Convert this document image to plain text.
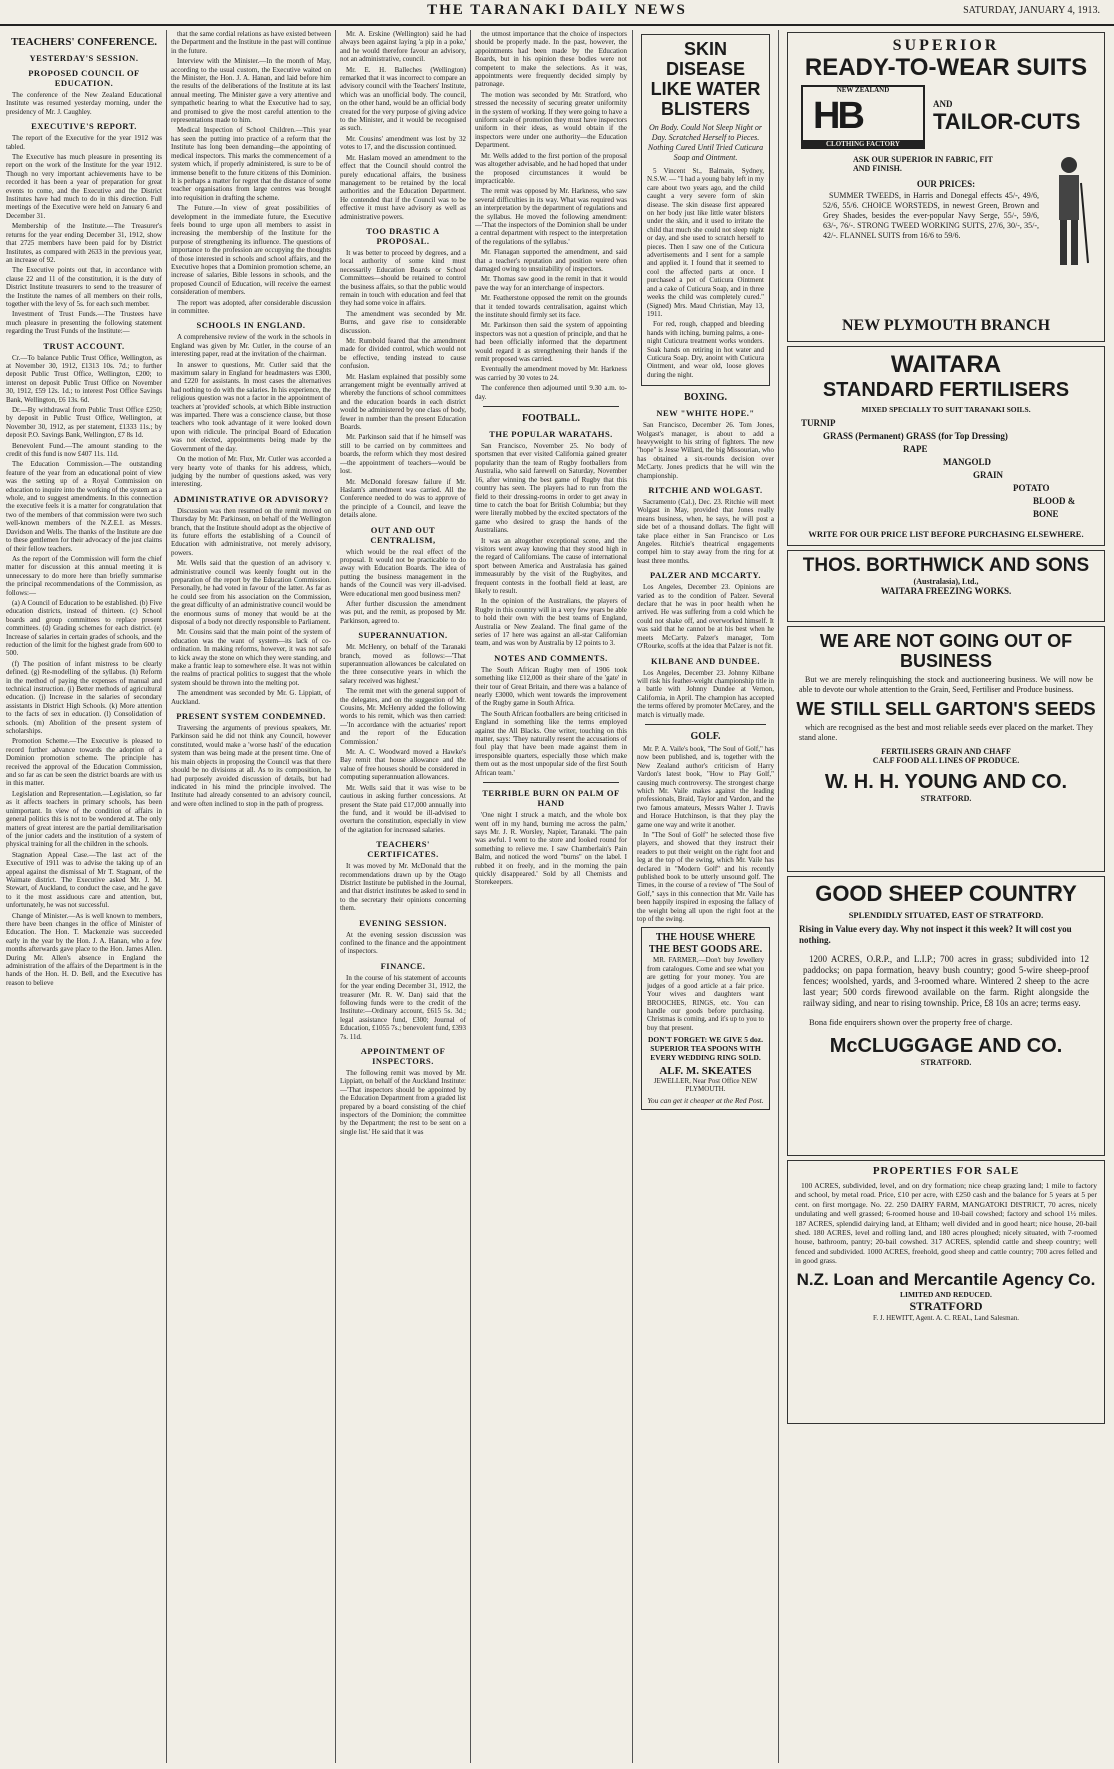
THE TARANAKI DAILY NEWS	SATURDAY, JANUARY 4, 1913.
TEACHERS' CONFERENCE.
YESTERDAY'S SESSION.
PROPOSED COUNCIL OF EDUCATION.

The conference of the New Zealand Educational Institute was resumed yesterday morning, under the presidency of Mr. J. Caughley.

EXECUTIVE'S REPORT.

The report of the Executive for the year 1912 was tabled.

The Executive has much pleasure in presenting its report on the work of the Institute for the year 1912. Though no very important achievements have to be recorded it has been a year of preparation for great events to come, and the Executive and the District Institutes have had much to do in this direction. Full meetings of the Executive were held on January 6 and December 31.

Membership of the Institute.—The Treasurer's returns for the year ending December 31, 1912, show that 2725 members have been paid for by District Institutes, as compared with 2633 in the previous year, an increase of 92.

The Executive points out that, in accordance with clause 22 and 11 of the constitution, it is the duty of District Institute treasurers to send to the treasurer of the Institute the names of all members on their rolls, together with the levy of 5s. for each such member.

Investment of Trust Funds.—The Trustees have much pleasure in presenting the following statement regarding the Trust Funds of the Institute:—

TRUST ACCOUNT.

Cr.—To balance Public Trust Office, Wellington, as at November 30, 1912, £1313 10s. 7d.; to further deposit Public Trust Office, Wellington, £200; to interest on deposit Public Trust Office on November 30, 1912, £59 12s. 1d.; to interest Post Office Savings Bank, Wellington, £6 13s. 6d.

Dr.—By withdrawal from Public Trust Office £250; by deposit in Public Trust Office, Wellington, at November 30, 1912, as per statement, £1333 11s.; by deposit P.O. Savings Bank, Wellington, £7 8s 1d.

Benevolent Fund.—The amount standing to the credit of this fund is now £407 11s. 11d.

The Education Commission.—The outstanding feature of the year from an educational point of view was the setting up of a Royal Commission on education to inquire into the working of the system as a whole, and to suggest amendments. In this connection the executive feels it is a matter for congratulation that two of the members of that commission were two such well-known members of the N.Z.E.I. as Messrs. Davidson and Wells. The thanks of the Institute are due to these gentlemen for their advocacy of the just claims of their fellow teachers.

As the report of the Commission will form the chief matter for discussion at this annual meeting it is unnecessary to do more here than briefly summarise the principal recommendations of the Commission, as follows:—

(a) A Council of Education to be established. (b) Five education districts, instead of thirteen. (c) School boards and group committees to replace present committees. (d) Grading schemes for each district. (e) Increase of salaries in certain grades of schools, and the reduction of the limit for the highest grade from 600 to 500.

(f) The position of infant mistress to be clearly defined. (g) Re-modelling of the syllabus. (h) Reform in the method of paying the expenses of manual and technical instruction. (i) Better methods of agricultural education. (j) Increase in the salaries of secondary assistants in District High Schools. (k) More attention to the facts of sex in education. (l) Consolidation of schools. (m) Abolition of the present system of scholarships.

Promotion Scheme.—The Executive is pleased to record further advance towards the adoption of a Dominion promotion scheme. The principle has received the approval of the Education Commission, and so far as can be seen the district boards are with us in this matter.

Legislation and Representation.—Legislation, so far as it affects teachers in primary schools, has been unimportant. In view of the condition of affairs in general politics this is not to be wondered at. The only matters of great interest are the partial demilitarisation of the junior cadets and the institution of a system of physical training for all the children in the schools.

Stagnation Appeal Case.—The last act of the Executive of 1911 was to advise the taking up of an appeal against the dismissal of Mr T. Stagnant, of the Waimate district. The Executive asked Mr. J. M. Stewart, of Auckland, to conduct the case, and he gave to it the most assiduous care and attention, but, unfortunately, he was not successful.

Change of Minister.—As is well known to members, there have been changes in the office of Minister of Education. The Hon. T. Mackenzie was succeeded early in the year by the Hon. J. A. Hanan, who a few months afterwards gave place to the Hon. James Allen. During Mr. Allen's absence in England the administration of the affairs of the Department is in the hands of the Hon. H. D. Bell, and the Executive has reason to believe

that the same cordial relations as have existed between the Department and the Institute in the past will continue in the future.

Interview with the Minister.—In the month of May, according to the usual custom, the Executive waited on the Minister, the Hon. J. A. Hanan, and laid before him the results of the deliberations of the Institute at its last annual meeting. The Minister gave a very attentive and sympathetic hearing to what the Executive had to say, and promised to give the most careful attention to the representations made to him.

Medical Inspection of School Children.—This year has seen the putting into practice of a reform that the Institute has long been demanding—the appointing of medical inspectors. This marks the commencement of a system which, if properly administered, is sure to be of immense benefit to the future citizens of this Dominion. It is perhaps a matter for regret that the distance of some teacher organisations from large centres was brought into requisition in drafting the scheme.

The Future.—In view of great possibilities of development in the immediate future, the Executive feels bound to urge upon all members to assist in increasing the membership of the Institute for the purpose of strengthening its influence. The questions of importance to the profession are occupying the thoughts of those interested in schools and school affairs, and the Executive hopes that a Dominion promotion scheme, an increase of salaries, Bible lessons in schools, and the proposed Council of Education, will receive the earnest consideration of members.

The report was adopted, after considerable discussion in committee.

SCHOOLS IN ENGLAND.

A comprehensive review of the work in the schools in England was given by Mr. Cutler, in the course of an interesting paper, read at the invitation of the chairman.

In answer to questions, Mr. Cutler said that the maximum salary in England for headmasters was £300, and £220 for assistants. In most cases the alternatives had nothing to do with the salaries. In his experience, the religious question was not a factor in the appointment of teachers at 'provided' schools, at which Bible instruction was imparted. There was a conscience clause, but those teachers who took advantage of it were looked down upon with ridicule. The principal Board of Education was not elected, appointments being made by the Government of the day.

On the motion of Mr. Flux, Mr. Cutler was accorded a very hearty vote of thanks for his address, which, judging by the number of questions asked, was very interesting.

ADMINISTRATIVE OR ADVISORY?

Discussion was then resumed on the remit moved on Thursday by Mr. Parkinson, on behalf of the Wellington branch, that the Institute should adopt as the objective of its future efforts the establishing of a Council of Education with administrative, not merely advisory, powers.

Mr. Wells said that the question of an advisory v. administrative council was keenly fought out in the preparation of the report by the Education Commission. Personally, he had voted in favour of the latter. As far as he could see from his association on the Commission, the great difficulty of an administrative council would be the enormous sums of money that would be at the disposal of a body not directly responsible to Parliament.

Mr. Cousins said that the main point of the system of education was the want of system—its lack of co-ordination. In making reforms, however, it was not safe to kick away the stone on which they were standing, and make a frantic leap to somewhere else. It was not within the realms of practical politics to suggest that the whole system should be thrown into the melting pot.

The amendment was seconded by Mr. G. Lippiatt, of Auckland.

PRESENT SYSTEM CONDEMNED.

Traversing the arguments of previous speakers, Mr. Parkinson said he did not think any Council, however constituted, would make a 'worse hash' of the education system than was being made at the present time. One of his main objects in proposing the Council was that there should be no divisions at all. As to its composition, he had purposely avoided discussion of details, but had indicated in his mind the principle involved. The Institute had already consented to an advisory council, and were often inclined to stop in the path of progress.

Mr. A. Erskine (Wellington) said he had always been against laying 'a pip in a poke,' and he would therefore favour an advisory, not an administrative, council.

Mr. E. H. Balleches (Wellington) remarked that it was incorrect to compare an advisory council with the Teachers' Institute, which was an unofficial body. The council, on the other hand, would be an official body created for the very purpose of giving advice to the Minister, and it would be recognised as such.

Mr. Cousins' amendment was lost by 32 votes to 17, and the discussion continued.

Mr. Haslam moved an amendment to the effect that the Council should control the purely educational affairs, the business management to be retained by the local authorities and the Education Department. He contended that if the Council was to be effective it must have advisory as well as administrative powers.

TOO DRASTIC A PROPOSAL.

It was better to proceed by degrees, and a local authority of some kind must necessarily Education Boards or School Committees—should be retained to control the business affairs, so that the public would remain in touch with education and feel that they had some voice in affairs.

The amendment was seconded by Mr. Burns, and gave rise to considerable discussion.

Mr. Rumbold feared that the amendment made for divided control, which would not be effective, tending instead to cause confusion.

Mr. Haslam explained that possibly some arrangement might be eventually arrived at whereby the functions of school committees and the education boards in each district would be administered by one class of body, fewer in number than the present Education Boards.

Mr. Parkinson said that if he himself was still to be carried on by committees and boards, the reform which they most desired—the appointment of teachers—would be lost.

Mr. McDonald foresaw failure if Mr. Haslam's amendment was carried. All the Conference needed to do was to approve of the principle of a Council, and leave the details alone.

OUT AND OUT CENTRALISM,

which would be the real effect of the proposal. It would not be practicable to do away with Education Boards. The idea of putting the business management in the hands of the Council was very ill-advised. Were educational men good business men?

After further discussion the amendment was put, and the remit, as proposed by Mr. Parkinson, agreed to.

SUPERANNUATION.

Mr. McHenry, on behalf of the Taranaki branch, moved as follows:—'That superannuation allowances be calculated on the three consecutive years in which the salary received was highest.'

The remit met with the general support of the delegates, and on the suggestion of Mr. Cousins, Mr. McHenry added the following words to his remit, which was then carried:—'In accordance with the actuaries' report and the report of the Education Commission.'

Mr. A. C. Woodward moved a Hawke's Bay remit that house allowance and the value of free houses should be considered in computing superannuation allowances.

Mr. Wells said that it was wise to be cautious in asking further concessions. At present the State paid £17,000 annually into the fund, and it would be ill-advised to overturn the constitution, especially in view of the agitation for increased salaries.

TEACHERS' CERTIFICATES.

It was moved by Mr. McDonald that the recommendations drawn up by the Otago District Institute be published in the Journal, and that district institutes be asked to send in to the secretary their opinions concerning them.

EVENING SESSION.

At the evening session discussion was confined to the finance and the appointment of inspectors.

FINANCE.

In the course of his statement of accounts for the year ending December 31, 1912, the treasurer (Mr. R. W. Dan) said that the following funds were to the credit of the Institute:—Ordinary account, £615 5s. 3d.; legal assistance fund, £300; Journal of Education, £1055 7s.; benevolent fund, £393 7s. 11d.

APPOINTMENT OF INSPECTORS.

The following remit was moved by Mr. Lippiatt, on behalf of the Auckland Institute:—'That inspectors should be appointed by the Education Department from a graded list prepared by a board consisting of the chief inspectors of the Dominion; the committee by the Department; the rest to be sent on a single list.' He said that it was

the utmost importance that the choice of inspectors should be properly made. In the past, however, the appointments had been made by the Education Boards, but in his opinion these bodies were not competent to make the selections. As it was, appointments were frequently decided simply by patronage.

The motion was seconded by Mr. Stratford, who stressed the necessity of securing greater uniformity in the system of working. If they were going to have a uniform scale of promotion they must have inspectors uniform in their ideas, as would obtain if the inspectors were under one authority—the Education Department.

Mr. Wells added to the first portion of the proposal was altogether advisable, and he had hoped that under the proposed circumstances it would be impracticable.

The remit was opposed by Mr. Harkness, who saw several difficulties in its way. What was required was an interpretation by the department of regulations and the syllabus. He moved the following amendment:—'That the inspectors of the Dominion shall be under a central department with respect to the interpretation of the regulations of the syllabus.'

Mr. Flanagan supported the amendment, and said that a teacher's reputation and position were often damaged owing to unsuitability of inspectors.

Mr. Thomas saw good in the remit in that it would pave the way for an interchange of inspectors.

Mr. Featherstone opposed the remit on the grounds that it tended towards centralisation, against which the institute should firmly set its face.

Mr. Parkinson then said the system of appointing inspectors was not a question of principle, and that he had been officially informed that the department would regard it as strengthening their hands if the remit proposed was carried.

Eventually the amendment moved by Mr. Harkness was carried by 30 votes to 24.

The conference then adjourned until 9.30 a.m. to-day.

FOOTBALL.
THE POPULAR WARATAHS.

San Francisco, November 25. No body of sportsmen that ever visited California gained greater popularity than the team of Rugby footballers from Australia, who said farewell on Saturday, November 16, after winning the best game of Rugby that this country has seen. The players had to run from the field to their dressing-rooms in order to get away in time to catch the boat for British Columbia; but they were literally mobbed by the excited spectators of the game who desired to grasp the hands of the Australians.

It was an altogether exceptional scene, and the visitors went away knowing that they stood high in the regard of Californians. The cause of international sport between America and Australasia has gained immeasurably by the visit of the Rugbyites, and frequent contests in the football field at least, are likely to result.

In the opinion of the Australians, the players of Rugby in this country will in a very few years be able to hold their own with the best teams of England, Australia or New Zealand. The final game of the series of 17 here was against an all-star Californian team, and was won by Australia by 12 points to 3.

NOTES AND COMMENTS.

The South African Rugby men of 1906 took something like £12,000 as their share of the 'gate' in their tour of Great Britain, and there was a balance of nearly £3000, which went towards the improvement of the Rugby game in South Africa.

The South African footballers are being criticised in England in something like the terms employed against the All Blacks. One writer, touching on this matter, says: 'They naturally resent the accusations of foul play that have been made against them in irresponsible quarters, especially those which make them out as the most unpopular side of the first South African team.'

TERRIBLE BURN ON PALM OF HAND

'One night I struck a match, and the whole box went off in my hand, burning me across the palm,' says Mr. J. R. Worsley, Napier, Taranaki. 'The pain was awful. I went to the store and looked round for something to relieve me. I saw Chamberlain's Pain Balm, and noticed the word "burns" on the label. I rubbed it on freely, and in the morning the pain quickly disappeared.' Sold by all Chemists and Storekeepers.

SKIN DISEASE LIKE WATER BLISTERS
On Body. Could Not Sleep Night or Day. Scratched Herself to Pieces. Nothing Cured Until Tried Cuticura Soap and Ointment.

5 Vincent St., Balmain, Sydney, N.S.W. — "I had a young baby left in my care about two years ago, and the child caught a very severe form of skin disease. The skin disease first appeared on her body just like little water blisters under the skin, and it used to irritate the child that much she could not sleep night or day, and she used to scratch herself to pieces. Then I saw one of the Cuticura advertisements and I sent for a sample and applied it. I found that it seemed to cool the affected parts at once. I purchased a pot of Cuticura Ointment and a cake of Cuticura Soap, and in three weeks the child was completely cured." (Signed) Mrs. Maud Christian, May 13, 1911.

For red, rough, chapped and bleeding hands with itching, burning palms, a one-night Cuticura treatment works wonders. Soak hands on retiring in hot water and Cuticura Soap. Dry, anoint with Cuticura Ointment, and wear old, loose gloves during the night.

BOXING.
NEW "WHITE HOPE."

San Francisco, December 26. Tom Jones, Wolgast's manager, is about to add a heavyweight to his string of fighters. The new "hope" is Jesse Willard, the big Missourian, who has obtained a six-rounds decision over McCarty. Jones predicts that he will win the championship.

RITCHIE AND WOLGAST.

Sacramento (Cal.), Dec. 23. Ritchie will meet Wolgast in May, provided that Jones really means business, when, he says, he will post a side bet of a thousand dollars. The fight will take place either in San Francisco or Los Angeles. Ritchie's theatrical engagements compel him to stay away from the ring for at least three months.

PALZER AND MCCARTY.

Los Angeles, December 23. Opinions are varied as to the condition of Palzer. Several declare that he was in poor health when he arrived. He was suffering from a cold which he could not shake off, and overworked himself. It was said that he cannot be at his best when he meets McCarty. Palzer's manager, Tom O'Rourke, scoffs at the idea that Palzer is not fit.

KILBANE AND DUNDEE.

Los Angeles, December 23. Johnny Kilbane will risk his feather-weight championship title in a battle with Johnny Dundee at Vernon, California, in April. The champion has accepted the terms offered by promoter McCarey, and the match is virtually made.

GOLF.

Mr. P. A. Vaile's book, "The Soul of Golf," has now been published, and is, together with the New Zealand author's criticism of Harry Vardon's latest book, "How to Play Golf," causing much controversy. The strongest charge which Mr. Vaile makes against the leading professionals, Braid, Taylor and Vardon, and the two famous amateurs, Messrs Walter J. Travis and Horace Hutchinson, is that they play the game one way and write it another.

In "The Soul of Golf" he selected those five players, and showed that they instruct their readers to put their weight on the right foot and leg at the top of the swing, which Mr. Vaile has declared in "Modern Golf" and his recently published book to be utterly unsound golf. The Times, in the course of a review of "The Soul of Golf," says in this connection that Mr. Vaile has been happily inspired in exposing the fallacy of the weight being all upon the right foot at the top of the swing.

THE HOUSE WHERE THE BEST GOODS ARE.

MR. FARMER,—Don't buy Jewellery from catalogues. Come and see what you are getting for your money. You are judges of a good article at a fair price. Your wives and daughters want BROOCHES, RINGS, etc. You can handle our goods before purchasing. Christmas is coming, and it's up to you to buy that present.

DON'T FORGET: WE GIVE 5 doz. SUPERIOR TEA SPOONS WITH EVERY WEDDING RING SOLD.
ALF. M. SKEATES
JEWELLER, Near Post Office NEW PLYMOUTH.
You can get it cheaper at the Red Post.
SUPERIOR
READY-TO-WEAR SUITS
NEW ZEALAND
HB
CLOTHING FACTORY
AND
TAILOR-CUTS
ASK OUR SUPERIOR IN FABRIC, FIT AND FINISH.
OUR PRICES:

SUMMER TWEEDS, in Harris and Donegal effects 45/-, 49/6, 52/6, 55/6. CHOICE WORSTEDS, in newest Green, Brown and Grey Shades, besides the ever-popular Navy Serge, 55/-, 59/6, 63/-, 76/-. STRONG TWEED WORKING SUITS, 27/6, 30/-, 35/-, 42/-. FLANNEL SUITS from 16/6 to 59/6.

NEW PLYMOUTH BRANCH
WAITARA
STANDARD FERTILISERS
MIXED SPECIALLY TO SUIT TARANAKI SOILS.
TURNIP
GRASS (Permanent) GRASS (for Top Dressing)
RAPE
MANGOLD
GRAIN
POTATO
BLOOD & BONE
WRITE FOR OUR PRICE LIST BEFORE PURCHASING ELSEWHERE.
THOS. BORTHWICK AND SONS
(Australasia), Ltd.,
WAITARA FREEZING WORKS.
WE ARE NOT GOING OUT OF BUSINESS

But we are merely relinquishing the stock and auctioneering business. We will now be able to devote our whole attention to the Grain, Seed, Fertiliser and Produce business.

WE STILL SELL GARTON'S SEEDS

which are recognised as the best and most reliable seeds ever placed on the market. They stand alone.

FERTILISERS GRAIN AND CHAFF
CALF FOOD ALL LINES OF PRODUCE.
W. H. H. YOUNG AND CO.
STRATFORD.
GOOD SHEEP COUNTRY
SPLENDIDLY SITUATED, EAST OF STRATFORD.
Rising in Value every day. Why not inspect it this week? It will cost you nothing.

1200 ACRES, O.R.P., and L.I.P.; 700 acres in grass; subdivided into 12 paddocks; on papa formation, heavy bush country; good 5-wire sheep-proof fences; woolshed, yards, and 3-roomed whare. Wintered 2 sheep to the acre last year; 500 cords firewood available on the farm. Right alongside the railway siding, and near to rising township. Price, £8 10s an acre; terms easy.

Bona fide enquirers shown over the property free of charge.

McCLUGGAGE AND CO.
STRATFORD.
PROPERTIES FOR SALE

100 ACRES, subdivided, level, and on dry formation; nice cheap grazing land; 1 mile to factory and school, by metal road. Price, £10 per acre, with £250 cash and the balance for 5 years at 5 per cent. on first mortgage. No. 22. 250 DAIRY FARM, MANGATOKI DISTRICT, 70 acres, nicely undulating and well grassed; 6-roomed house and 10-bail cowshed; factory and school 1½ miles. 187 ACRES, splendid dairying land, at Eltham; well divided and in good heart; nice house, 20-bail shed. 180 ACRES, level and rolling land, and 180 acres ploughed; nicely situated, with 7-roomed house, bathroom, pantry; 20-bail cowshed. 317 ACRES, splendid cattle and sheep country; well fenced and subdivided. 1000 ACRES, freehold, good sheep and cattle country; 700 acres felled and in good grass.

N.Z. Loan and Mercantile Agency Co.
LIMITED AND REDUCED.
STRATFORD
F. J. HEWITT, Agent. A. C. REAL, Land Salesman.
